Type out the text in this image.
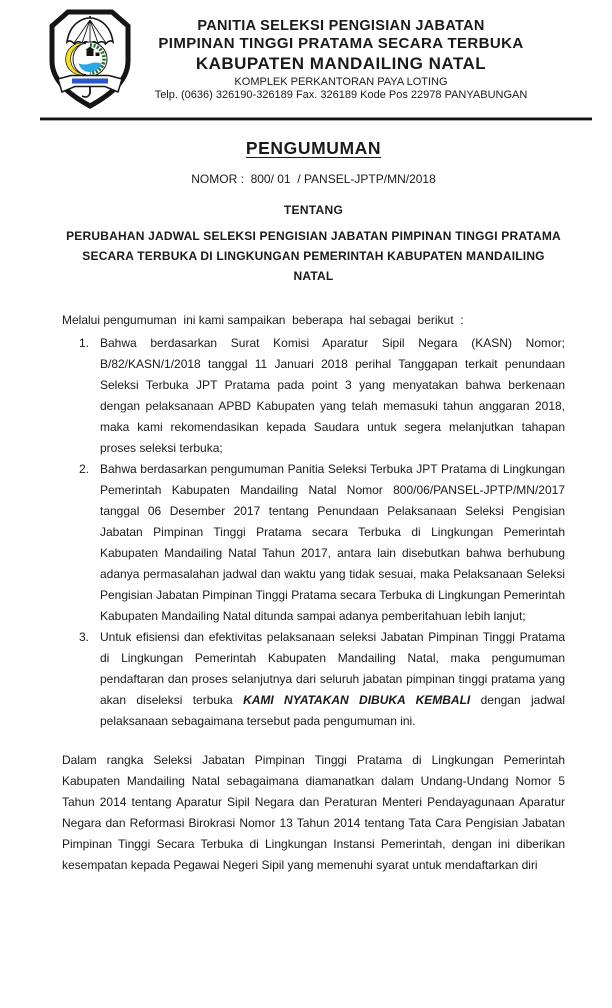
PANITIA SELEKSI PENGISIAN JABATAN
PIMPINAN TINGGI PRATAMA SECARA TERBUKA
KABUPATEN MANDAILING NATAL
KOMPLEK PERKANTORAN PAYA LOTING
Telp. (0636) 326190-326189 Fax. 326189 Kode Pos 22978 PANYABUNGAN
PENGUMUMAN
NOMOR :  800/ 01  / PANSEL-JPTP/MN/2018
TENTANG
PERUBAHAN JADWAL SELEKSI PENGISIAN JABATAN PIMPINAN TINGGI PRATAMA
SECARA TERBUKA DI LINGKUNGAN PEMERINTAH KABUPATEN MANDAILING NATAL

Melalui pengumuman  ini kami sampaikan  beberapa  hal sebagai  berikut  :

1. Bahwa berdasarkan Surat Komisi Aparatur Sipil Negara (KASN) Nomor; B/82/KASN/1/2018 tanggal 11 Januari 2018 perihal Tanggapan terkait penundaan Seleksi Terbuka JPT Pratama pada point 3 yang menyatakan bahwa berkenaan dengan pelaksanaan APBD Kabupaten yang telah memasuki tahun anggaran 2018, maka kami rekomendasikan kepada Saudara untuk segera melanjutkan tahapan proses seleksi terbuka;
2. Bahwa berdasarkan pengumuman Panitia Seleksi Terbuka JPT Pratama di Lingkungan Pemerintah Kabupaten Mandailing Natal Nomor 800/06/PANSEL-JPTP/MN/2017 tanggal 06 Desember 2017 tentang Penundaan Pelaksanaan Seleksi Pengisian Jabatan Pimpinan Tinggi Pratama secara Terbuka di Lingkungan Pemerintah Kabupaten Mandailing Natal Tahun 2017, antara lain disebutkan bahwa berhubung adanya permasalahan jadwal dan waktu yang tidak sesuai, maka Pelaksanaan Seleksi Pengisian Jabatan Pimpinan Tinggi Pratama secara Terbuka di Lingkungan Pemerintah Kabupaten Mandailing Natal ditunda sampai adanya pemberitahuan lebih lanjut;
3. Untuk efisiensi dan efektivitas pelaksanaan seleksi Jabatan Pimpinan Tinggi Pratama di Lingkungan Pemerintah Kabupaten Mandailing Natal, maka pengumuman pendaftaran dan proses selanjutnya dari seluruh jabatan pimpinan tinggi pratama yang akan diseleksi terbuka KAMI NYATAKAN DIBUKA KEMBALI dengan jadwal pelaksanaan sebagaimana tersebut pada pengumuman ini.

Dalam rangka Seleksi Jabatan Pimpinan Tinggi Pratama di Lingkungan Pemerintah Kabupaten Mandailing Natal sebagaimana diamanatkan dalam Undang-Undang Nomor 5 Tahun 2014 tentang Aparatur Sipil Negara dan Peraturan Menteri Pendayagunaan Aparatur Negara dan Reformasi Birokrasi Nomor 13 Tahun 2014 tentang Tata Cara Pengisian Jabatan Pimpinan Tinggi Secara Terbuka di Lingkungan Instansi Pemerintah, dengan ini diberikan kesempatan kepada Pegawai Negeri Sipil yang memenuhi syarat untuk mendaftarkan diri
